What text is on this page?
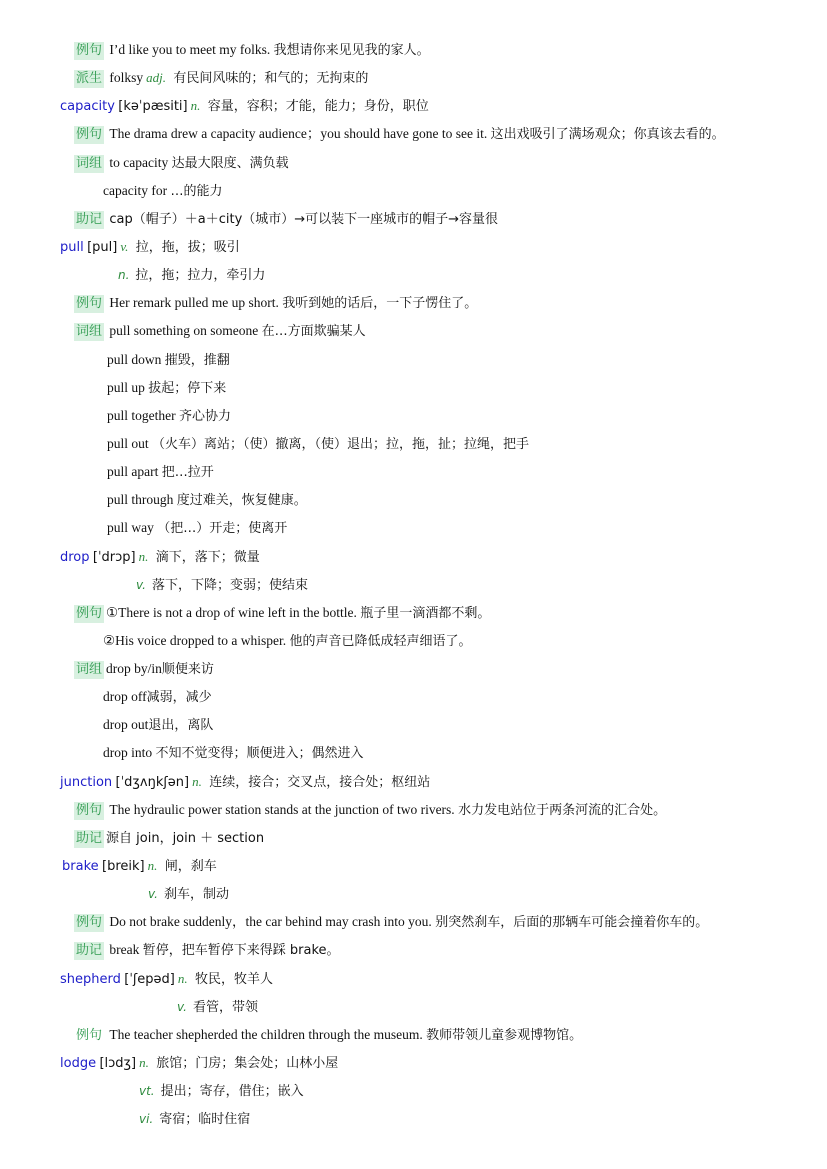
例句 I’d like you to meet my folks. 我想请你来见见我的家人。
派生 folksy adj. 有民间风味的；和气的；无拘束的
capacity [kəˈpæsiti] n. 容量，容积；才能，能力；身份，职位
例句 The drama drew a capacity audience；you should have gone to see it. 这出戏吸引了满场观众；你真该去看的。
词组 to capacity 达最大限度、满负载
capacity for …的能力
助记 cap（帽子）＋a＋city（城市）→可以装下一座城市的帽子→容量很
pull [pul] v. 拉，拖，拔；吸引
n. 拉，拖；拉力，牵引力
例句 Her remark pulled me up short. 我听到她的话后，一下子愣住了。
词组 pull something on someone 在…方面欺骗某人
pull down 摧毁，推翻
pull up 拔起；停下来
pull together 齐心协力
pull out （火车）离站；（使）撤离，（使）退出；拉，拖，扯；拉绳，把手
pull apart 把…拉开
pull through 度过难关，恢复健康。
pull way （把…）开走；使离开
drop [ˈdrɔp] n. 滴下，落下；微量
v. 落下，下降；变弱；使结束
例句 ①There is not a drop of wine left in the bottle. 瓶子里一滴酒都不剩。
②His voice dropped to a whisper. 他的声音已降低成轻声细语了。
词组 drop by/in顺便来访
drop off减弱，减少
drop out退出，离队
drop into 不知不觉变得；顺便进入；偶然进入
junction [ˈdʒʌŋkʃən] n. 连续，接合；交叉点，接合处；枢纽站
例句 The hydraulic power station stands at the junction of two rivers. 水力发电站位于两条河流的汇合处。
助记 源自 join，join ＋ section
brake [breik] n. 闸，刹车
v. 刹车，制动
例句 Do not brake suddenly，the car behind may crash into you. 别突然刹车，后面的那辆车可能会撞着你车的。
助记 break 暂停，把车暂停下来得踩 brake。
shepherd [ˈʃepəd] n. 牧民，牧羊人
v. 看管，带领
例句 The teacher shepherded the children through the museum. 教师带领儿童参观博物馆。
lodge [lɔdʒ] n. 旅馆；门房；集会处；山林小屋
vt. 提出；寄存，借住；嵌入
vi. 寄宿；临时住宿
